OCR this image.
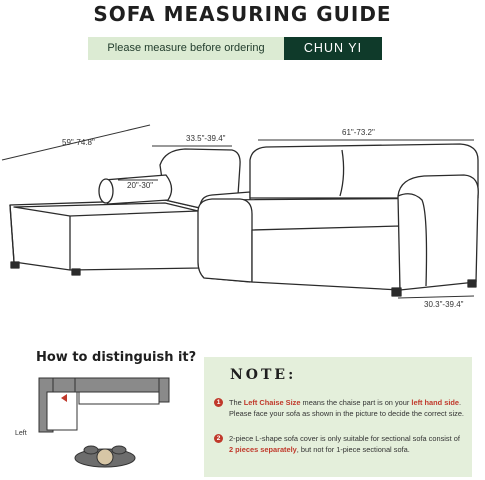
SOFA MEASURING GUIDE
Please measure before ordering	CHUN YI
59"-74.8"	33.5"-39.4"
20"-30"
61"-73.2"
30.3"-39.4"
How to distinguish it?
Left
NOTE:
1	The Left Chaise Size means the chaise part is on your left hand side. Please face your sofa as shown in the picture to decide the correct size.
2	2-piece L-shape sofa cover is only suitable for sectional sofa consist of 2 pieces separately, but not for 1-piece sectional sofa.
